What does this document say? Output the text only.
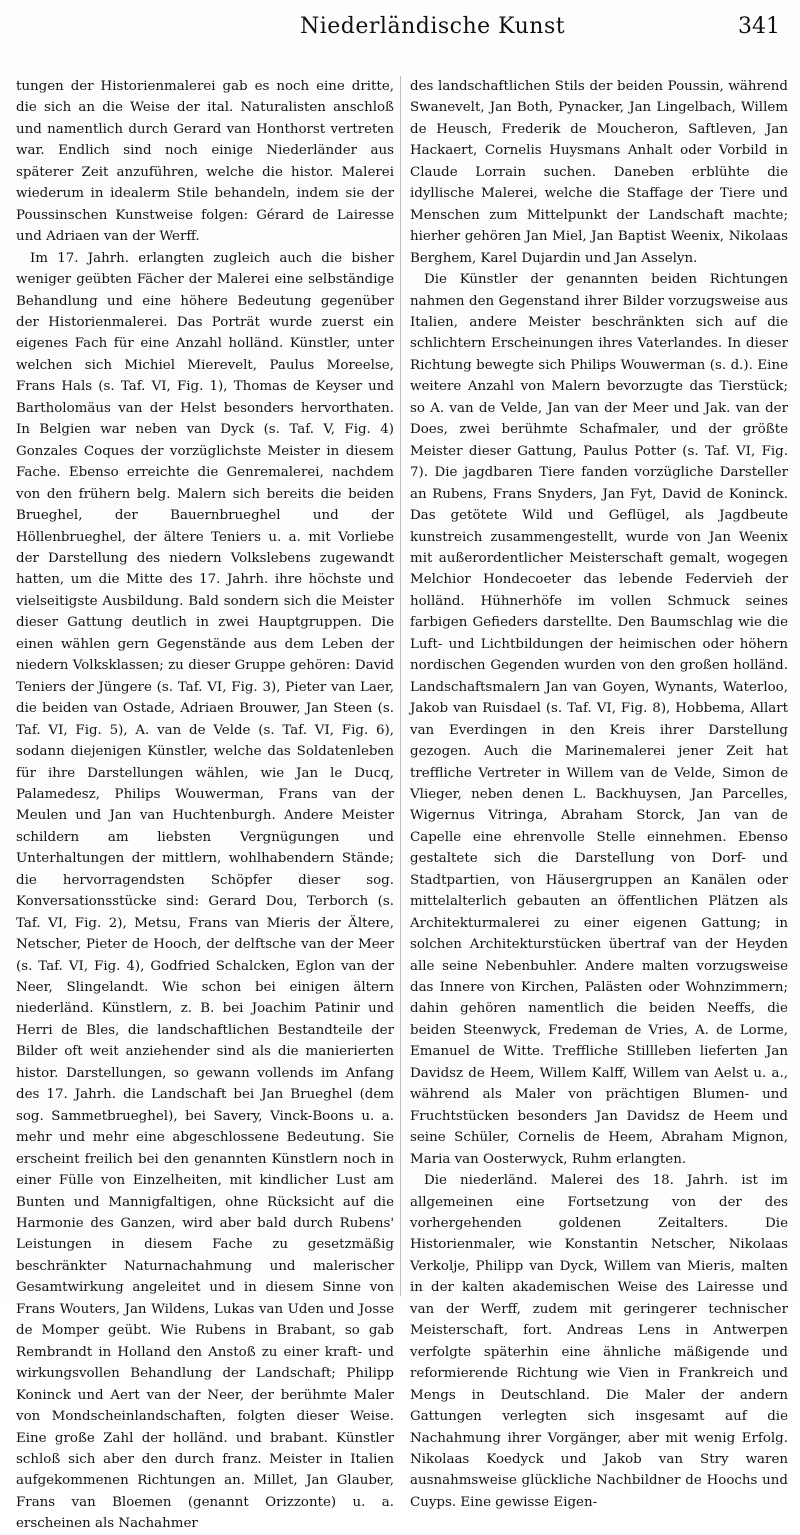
Niederländische Kunst	341

tungen der Historienmalerei gab es noch eine dritte, die sich an die Weise der ital. Naturalisten anschloß und namentlich durch Gerard van Honthorst vertreten war. Endlich sind noch einige Niederländer aus späterer Zeit anzuführen, welche die histor. Malerei wiederum in idealerm Stile behandeln, indem sie der Poussinschen Kunstweise folgen: Gérard de Lairesse und Adriaen van der Werff.

Im 17. Jahrh. erlangten zugleich auch die bisher weniger geübten Fächer der Malerei eine selbständige Behandlung und eine höhere Bedeutung gegenüber der Historienmalerei. Das Porträt wurde zuerst ein eigenes Fach für eine Anzahl holländ. Künstler, unter welchen sich Michiel Mierevelt, Paulus Moreelse, Frans Hals (s. Taf. VI, Fig. 1), Thomas de Keyser und Bartholomäus van der Helst besonders hervorthaten. In Belgien war neben van Dyck (s. Taf. V, Fig. 4) Gonzales Coques der vorzüglichste Meister in diesem Fache. Ebenso erreichte die Genremalerei, nachdem von den frühern belg. Malern sich bereits die beiden Brueghel, der Bauernbrueghel und der Höllenbrueghel, der ältere Teniers u. a. mit Vorliebe der Darstellung des niedern Volkslebens zugewandt hatten, um die Mitte des 17. Jahrh. ihre höchste und vielseitigste Ausbildung. Bald sondern sich die Meister dieser Gattung deutlich in zwei Hauptgruppen. Die einen wählen gern Gegenstände aus dem Leben der niedern Volksklassen; zu dieser Gruppe gehören: David Teniers der Jüngere (s. Taf. VI, Fig. 3), Pieter van Laer, die beiden van Ostade, Adriaen Brouwer, Jan Steen (s. Taf. VI, Fig. 5), A. van de Velde (s. Taf. VI, Fig. 6), sodann diejenigen Künstler, welche das Soldatenleben für ihre Darstellungen wählen, wie Jan le Ducq, Palamedesz, Philips Wouwerman, Frans van der Meulen und Jan van Huchtenburgh. Andere Meister schildern am liebsten Vergnügungen und Unterhaltungen der mittlern, wohlhabendern Stände; die hervorragendsten Schöpfer dieser sog. Konversationsstücke sind: Gerard Dou, Terborch (s. Taf. VI, Fig. 2), Metsu, Frans van Mieris der Ältere, Netscher, Pieter de Hooch, der delftsche van der Meer (s. Taf. VI, Fig. 4), Godfried Schalcken, Eglon van der Neer, Slingelandt. Wie schon bei einigen ältern niederländ. Künstlern, z. B. bei Joachim Patinir und Herri de Bles, die landschaftlichen Bestandteile der Bilder oft weit anziehender sind als die manierierten histor. Darstellungen, so gewann vollends im Anfang des 17. Jahrh. die Landschaft bei Jan Brueghel (dem sog. Sammetbrueghel), bei Savery, Vinck-Boons u. a. mehr und mehr eine abgeschlossene Bedeutung. Sie erscheint freilich bei den genannten Künstlern noch in einer Fülle von Einzelheiten, mit kindlicher Lust am Bunten und Mannigfaltigen, ohne Rücksicht auf die Harmonie des Ganzen, wird aber bald durch Rubens' Leistungen in diesem Fache zu gesetzmäßig beschränkter Naturnachahmung und malerischer Gesamtwirkung angeleitet und in diesem Sinne von Frans Wouters, Jan Wildens, Lukas van Uden und Josse de Momper geübt. Wie Rubens in Brabant, so gab Rembrandt in Holland den Anstoß zu einer kraft- und wirkungsvollen Behandlung der Landschaft; Philipp Koninck und Aert van der Neer, der berühmte Maler von Mondscheinlandschaften, folgten dieser Weise. Eine große Zahl der holländ. und brabant. Künstler schloß sich aber den durch franz. Meister in Italien aufgekommenen Richtungen an. Millet, Jan Glauber, Frans van Bloemen (genannt Orizzonte) u. a. erscheinen als Nachahmer

des landschaftlichen Stils der beiden Poussin, während Swanevelt, Jan Both, Pynacker, Jan Lingelbach, Willem de Heusch, Frederik de Moucheron, Saftleven, Jan Hackaert, Cornelis Huysmans Anhalt oder Vorbild in Claude Lorrain suchen. Daneben erblühte die idyllische Malerei, welche die Staffage der Tiere und Menschen zum Mittelpunkt der Landschaft machte; hierher gehören Jan Miel, Jan Baptist Weenix, Nikolaas Berghem, Karel Dujardin und Jan Asselyn.

Die Künstler der genannten beiden Richtungen nahmen den Gegenstand ihrer Bilder vorzugsweise aus Italien, andere Meister beschränkten sich auf die schlichtern Erscheinungen ihres Vaterlandes. In dieser Richtung bewegte sich Philips Wouwerman (s. d.). Eine weitere Anzahl von Malern bevorzugte das Tierstück; so A. van de Velde, Jan van der Meer und Jak. van der Does, zwei berühmte Schafmaler, und der größte Meister dieser Gattung, Paulus Potter (s. Taf. VI, Fig. 7). Die jagdbaren Tiere fanden vorzügliche Darsteller an Rubens, Frans Snyders, Jan Fyt, David de Koninck. Das getötete Wild und Geflügel, als Jagdbeute kunstreich zusammengestellt, wurde von Jan Weenix mit außerordentlicher Meisterschaft gemalt, wogegen Melchior Hondecoeter das lebende Federvieh der holländ. Hühnerhöfe im vollen Schmuck seines farbigen Gefieders darstellte. Den Baumschlag wie die Luft- und Lichtbildungen der heimischen oder höhern nordischen Gegenden wurden von den großen holländ. Landschaftsmalern Jan van Goyen, Wynants, Waterloo, Jakob van Ruisdael (s. Taf. VI, Fig. 8), Hobbema, Allart van Everdingen in den Kreis ihrer Darstellung gezogen. Auch die Marinemalerei jener Zeit hat treffliche Vertreter in Willem van de Velde, Simon de Vlieger, neben denen L. Backhuysen, Jan Parcelles, Wigernus Vitringa, Abraham Storck, Jan van de Capelle eine ehrenvolle Stelle einnehmen. Ebenso gestaltete sich die Darstellung von Dorf- und Stadtpartien, von Häusergruppen an Kanälen oder mittelalterlich gebauten an öffentlichen Plätzen als Architekturmalerei zu einer eigenen Gattung; in solchen Architekturstücken übertraf van der Heyden alle seine Nebenbuhler. Andere malten vorzugsweise das Innere von Kirchen, Palästen oder Wohnzimmern; dahin gehören namentlich die beiden Neeffs, die beiden Steenwyck, Fredeman de Vries, A. de Lorme, Emanuel de Witte. Treffliche Stillleben lieferten Jan Davidsz de Heem, Willem Kalff, Willem van Aelst u. a., während als Maler von prächtigen Blumen- und Fruchtstücken besonders Jan Davidsz de Heem und seine Schüler, Cornelis de Heem, Abraham Mignon, Maria van Oosterwyck, Ruhm erlangten.

Die niederländ. Malerei des 18. Jahrh. ist im allgemeinen eine Fortsetzung von der des vorhergehenden goldenen Zeitalters. Die Historienmaler, wie Konstantin Netscher, Nikolaas Verkolje, Philipp van Dyck, Willem van Mieris, malten in der kalten akademischen Weise des Lairesse und van der Werff, zudem mit geringerer technischer Meisterschaft, fort. Andreas Lens in Antwerpen verfolgte späterhin eine ähnliche mäßigende und reformierende Richtung wie Vien in Frankreich und Mengs in Deutschland. Die Maler der andern Gattungen verlegten sich insgesamt auf die Nachahmung ihrer Vorgänger, aber mit wenig Erfolg. Nikolaas Koedyck und Jakob van Stry waren ausnahmsweise glückliche Nachbildner de Hoochs und Cuyps. Eine gewisse Eigen-
